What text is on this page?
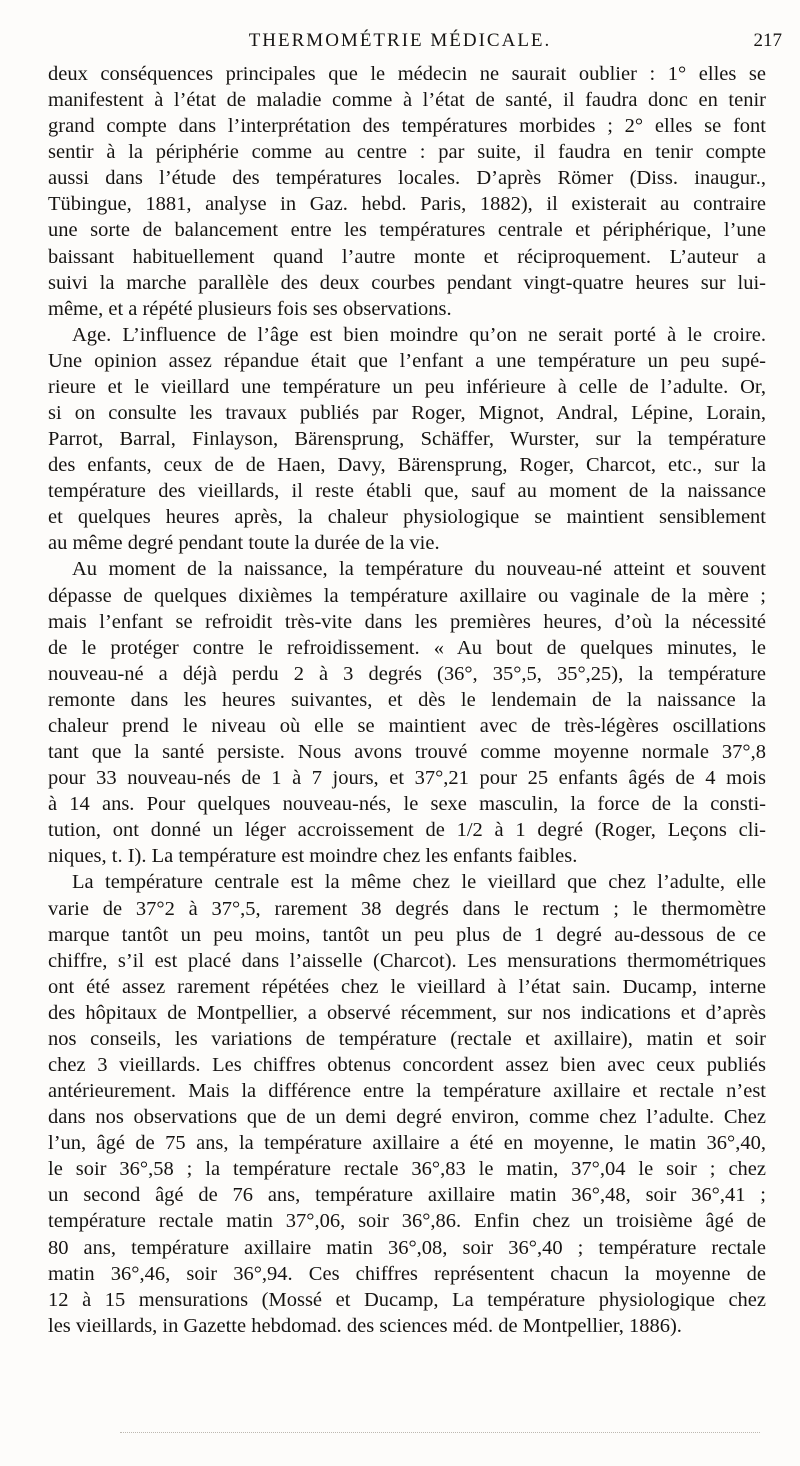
THERMOMÉTRIE MÉDICALE.	217
deux conséquences principales que le médecin ne saurait oublier : 1° elles se
manifestent à l’état de maladie comme à l’état de santé, il faudra donc en tenir
grand compte dans l’interprétation des températures morbides ; 2° elles se font
sentir à la périphérie comme au centre : par suite, il faudra en tenir compte
aussi dans l’étude des températures locales. D’après Römer (Diss. inaugur.,
Tübingue, 1881, analyse in Gaz. hebd. Paris, 1882), il existerait au contraire
une sorte de balancement entre les températures centrale et périphérique, l’une
baissant habituellement quand l’autre monte et réciproquement. L’auteur a
suivi la marche parallèle des deux courbes pendant vingt-quatre heures sur lui-
même, et a répété plusieurs fois ses observations.
Age. L’influence de l’âge est bien moindre qu’on ne serait porté à le croire.
Une opinion assez répandue était que l’enfant a une température un peu supé-
rieure et le vieillard une température un peu inférieure à celle de l’adulte. Or,
si on consulte les travaux publiés par Roger, Mignot, Andral, Lépine, Lorain,
Parrot, Barral, Finlayson, Bärensprung, Schäffer, Wurster, sur la température
des enfants, ceux de de Haen, Davy, Bärensprung, Roger, Charcot, etc., sur la
température des vieillards, il reste établi que, sauf au moment de la naissance
et quelques heures après, la chaleur physiologique se maintient sensiblement
au même degré pendant toute la durée de la vie.
Au moment de la naissance, la température du nouveau-né atteint et souvent
dépasse de quelques dixièmes la température axillaire ou vaginale de la mère ;
mais l’enfant se refroidit très-vite dans les premières heures, d’où la nécessité
de le protéger contre le refroidissement. « Au bout de quelques minutes, le
nouveau-né a déjà perdu 2 à 3 degrés (36°, 35°,5, 35°,25), la température
remonte dans les heures suivantes, et dès le lendemain de la naissance la
chaleur prend le niveau où elle se maintient avec de très-légères oscillations
tant que la santé persiste. Nous avons trouvé comme moyenne normale 37°,8
pour 33 nouveau-nés de 1 à 7 jours, et 37°,21 pour 25 enfants âgés de 4 mois
à 14 ans. Pour quelques nouveau-nés, le sexe masculin, la force de la consti-
tution, ont donné un léger accroissement de 1/2 à 1 degré (Roger, Leçons cli-
niques, t. I). La température est moindre chez les enfants faibles.
La température centrale est la même chez le vieillard que chez l’adulte, elle
varie de 37°2 à 37°,5, rarement 38 degrés dans le rectum ; le thermomètre
marque tantôt un peu moins, tantôt un peu plus de 1 degré au-dessous de ce
chiffre, s’il est placé dans l’aisselle (Charcot). Les mensurations thermométriques
ont été assez rarement répétées chez le vieillard à l’état sain. Ducamp, interne
des hôpitaux de Montpellier, a observé récemment, sur nos indications et d’après
nos conseils, les variations de température (rectale et axillaire), matin et soir
chez 3 vieillards. Les chiffres obtenus concordent assez bien avec ceux publiés
antérieurement. Mais la différence entre la température axillaire et rectale n’est
dans nos observations que de un demi degré environ, comme chez l’adulte. Chez
l’un, âgé de 75 ans, la température axillaire a été en moyenne, le matin 36°,40,
le soir 36°,58 ; la température rectale 36°,83 le matin, 37°,04 le soir ; chez
un second âgé de 76 ans, température axillaire matin 36°,48, soir 36°,41 ;
température rectale matin 37°,06, soir 36°,86. Enfin chez un troisième âgé de
80 ans, température axillaire matin 36°,08, soir 36°,40 ; température rectale
matin 36°,46, soir 36°,94. Ces chiffres représentent chacun la moyenne de
12 à 15 mensurations (Mossé et Ducamp, La température physiologique chez
les vieillards, in Gazette hebdomad. des sciences méd. de Montpellier, 1886).
